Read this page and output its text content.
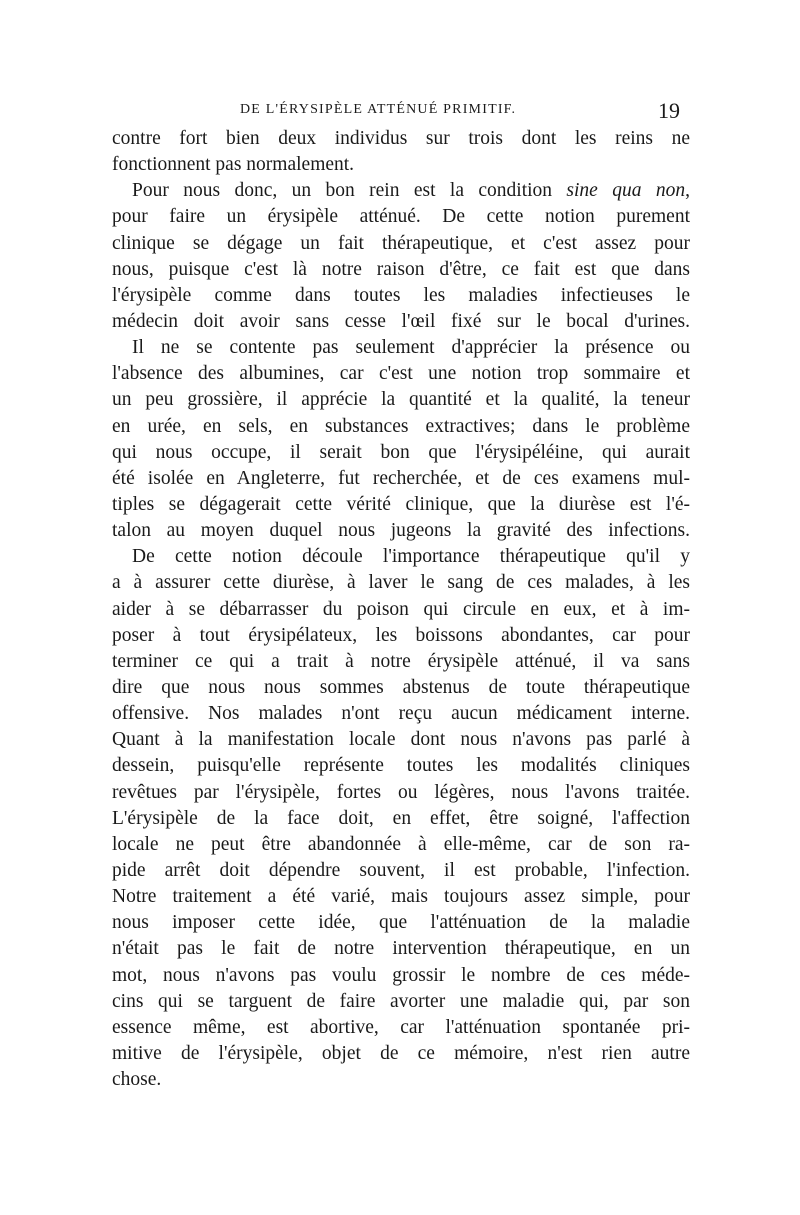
DE L'ÉRYSIPÈLE ATTÉNUÉ PRIMITIF.	19
contre fort bien deux individus sur trois dont les reins ne
fonctionnent pas normalement.
Pour nous donc, un bon rein est la condition sine qua non,
pour faire un érysipèle atténué. De cette notion purement
clinique se dégage un fait thérapeutique, et c'est assez pour
nous, puisque c'est là notre raison d'être, ce fait est que dans
l'érysipèle comme dans toutes les maladies infectieuses le
médecin doit avoir sans cesse l'œil fixé sur le bocal d'urines.
Il ne se contente pas seulement d'apprécier la présence ou
l'absence des albumines, car c'est une notion trop sommaire et
un peu grossière, il apprécie la quantité et la qualité, la teneur
en urée, en sels, en substances extractives; dans le problème
qui nous occupe, il serait bon que l'érysipéléine, qui aurait
été isolée en Angleterre, fut recherchée, et de ces examens mul-
tiples se dégagerait cette vérité clinique, que la diurèse est l'é-
talon au moyen duquel nous jugeons la gravité des infections.
De cette notion découle l'importance thérapeutique qu'il y
a à assurer cette diurèse, à laver le sang de ces malades, à les
aider à se débarrasser du poison qui circule en eux, et à im-
poser à tout érysipélateux, les boissons abondantes, car pour
terminer ce qui a trait à notre érysipèle atténué, il va sans
dire que nous nous sommes abstenus de toute thérapeutique
offensive. Nos malades n'ont reçu aucun médicament interne.
Quant à la manifestation locale dont nous n'avons pas parlé à
dessein, puisqu'elle représente toutes les modalités cliniques
revêtues par l'érysipèle, fortes ou légères, nous l'avons traitée.
L'érysipèle de la face doit, en effet, être soigné, l'affection
locale ne peut être abandonnée à elle-même, car de son ra-
pide arrêt doit dépendre souvent, il est probable, l'infection.
Notre traitement a été varié, mais toujours assez simple, pour
nous imposer cette idée, que l'atténuation de la maladie
n'était pas le fait de notre intervention thérapeutique, en un
mot, nous n'avons pas voulu grossir le nombre de ces méde-
cins qui se targuent de faire avorter une maladie qui, par son
essence même, est abortive, car l'atténuation spontanée pri-
mitive de l'érysipèle, objet de ce mémoire, n'est rien autre
chose.
